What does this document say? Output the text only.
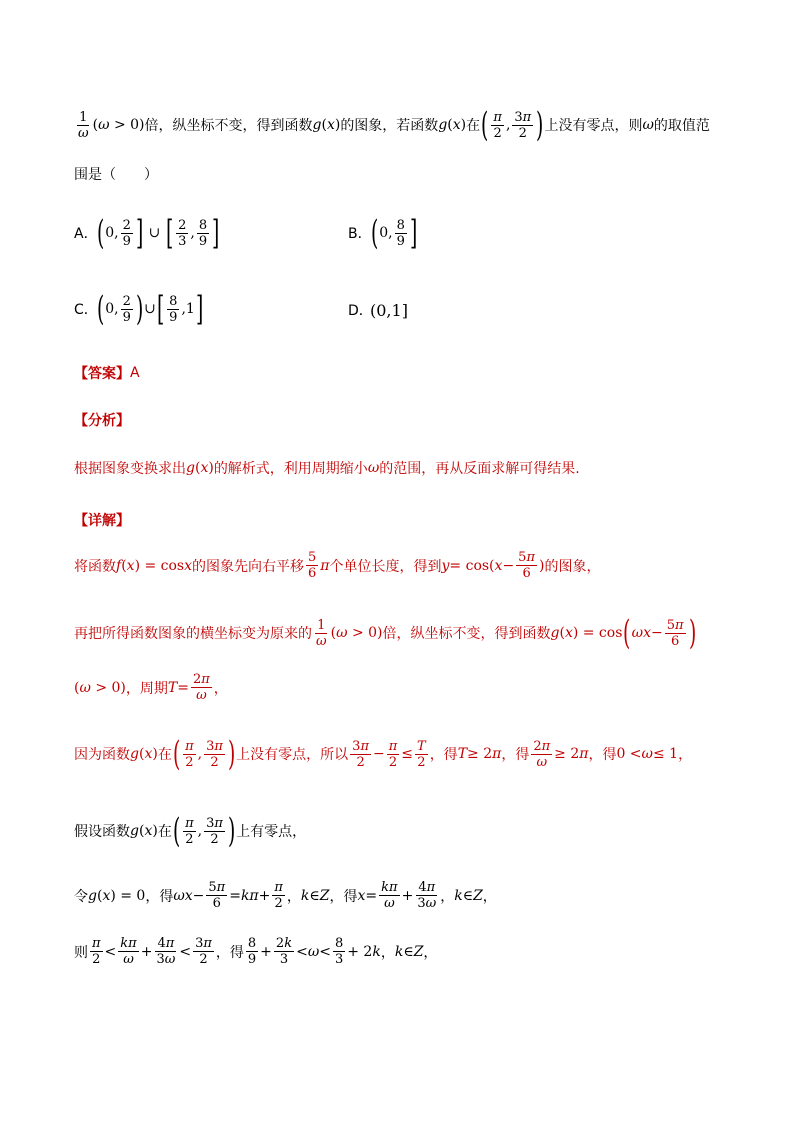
$\frac{1}{\omega} (\omega > 0)$ 倍，纵坐标不变，得到函数 g ( x ) 的图象，若函数 g ( x ) 在 ( $\frac{\pi}{2}$ , $\frac{3\pi}{2}$ ) 上没有零点，则 ω 的取值范
围是（　　）
A． ( 0, $\frac{2}{9}$ ] ∪ [ $\frac{2}{3}$ , $\frac{8}{9}$ ]	B． ( 0, $\frac{8}{9}$ ]
C． ( 0, $\frac{2}{9}$ ) ∪ [ $\frac{8}{9} ,1$ ]	D．
(0,1]
【答案】 A
【分析】
根据图象变换求出 g ( x ) 的解析式，利用周期缩小 ω 的范围，再从反面求解可得结果.
【详解】
将函数 f ( x ) = cos x 的图象先向右平移 $\frac{5}{6}$ π 个单位长度，得到 y = cos( $x - \frac{5\pi}{6}$ ) 的图象，
再把所得函数图象的横坐标变为原来的 $\frac{1}{\omega} (\omega > 0)$ 倍，纵坐标不变，得到函数 g ( x ) = cos ( $\omega x - \frac{5\pi}{6}$ )
(ω > 0) ，周期 $T = \frac{2\pi}{\omega}$ ，
因为函数 g ( x ) 在 ( $\frac{\pi}{2}$ , $\frac{3\pi}{2}$ ) 上没有零点，所以 $\frac{3\pi}{2} - \frac{\pi}{2} \le \frac{T}{2}$ ，得 T ≥ 2 π ，得 $\frac{2\pi}{\omega} \ge 2$ π ，得 0 < ω ≤ 1 ，
假设函数 g ( x ) 在 ( $\frac{\pi}{2}$ , $\frac{3\pi}{2}$ ) 上有零点，
令 g ( x ) = 0 ，得 $\omega x - \frac{5\pi}{6} = k\pi + \frac{\pi}{2}$ ， k ∈ Z ，得 $x = \frac{k\pi}{\omega} + \frac{4\pi}{3\omega}$ ， k ∈ Z ，
则 $\frac{\pi}{2} < \frac{k\pi}{\omega} + \frac{4\pi}{3\omega} < \frac{3\pi}{2}$ ，得 $\frac{8}{9} + \frac{2k}{3} < \omega < \frac{8}{3} + 2$ k ， k ∈ Z ，
